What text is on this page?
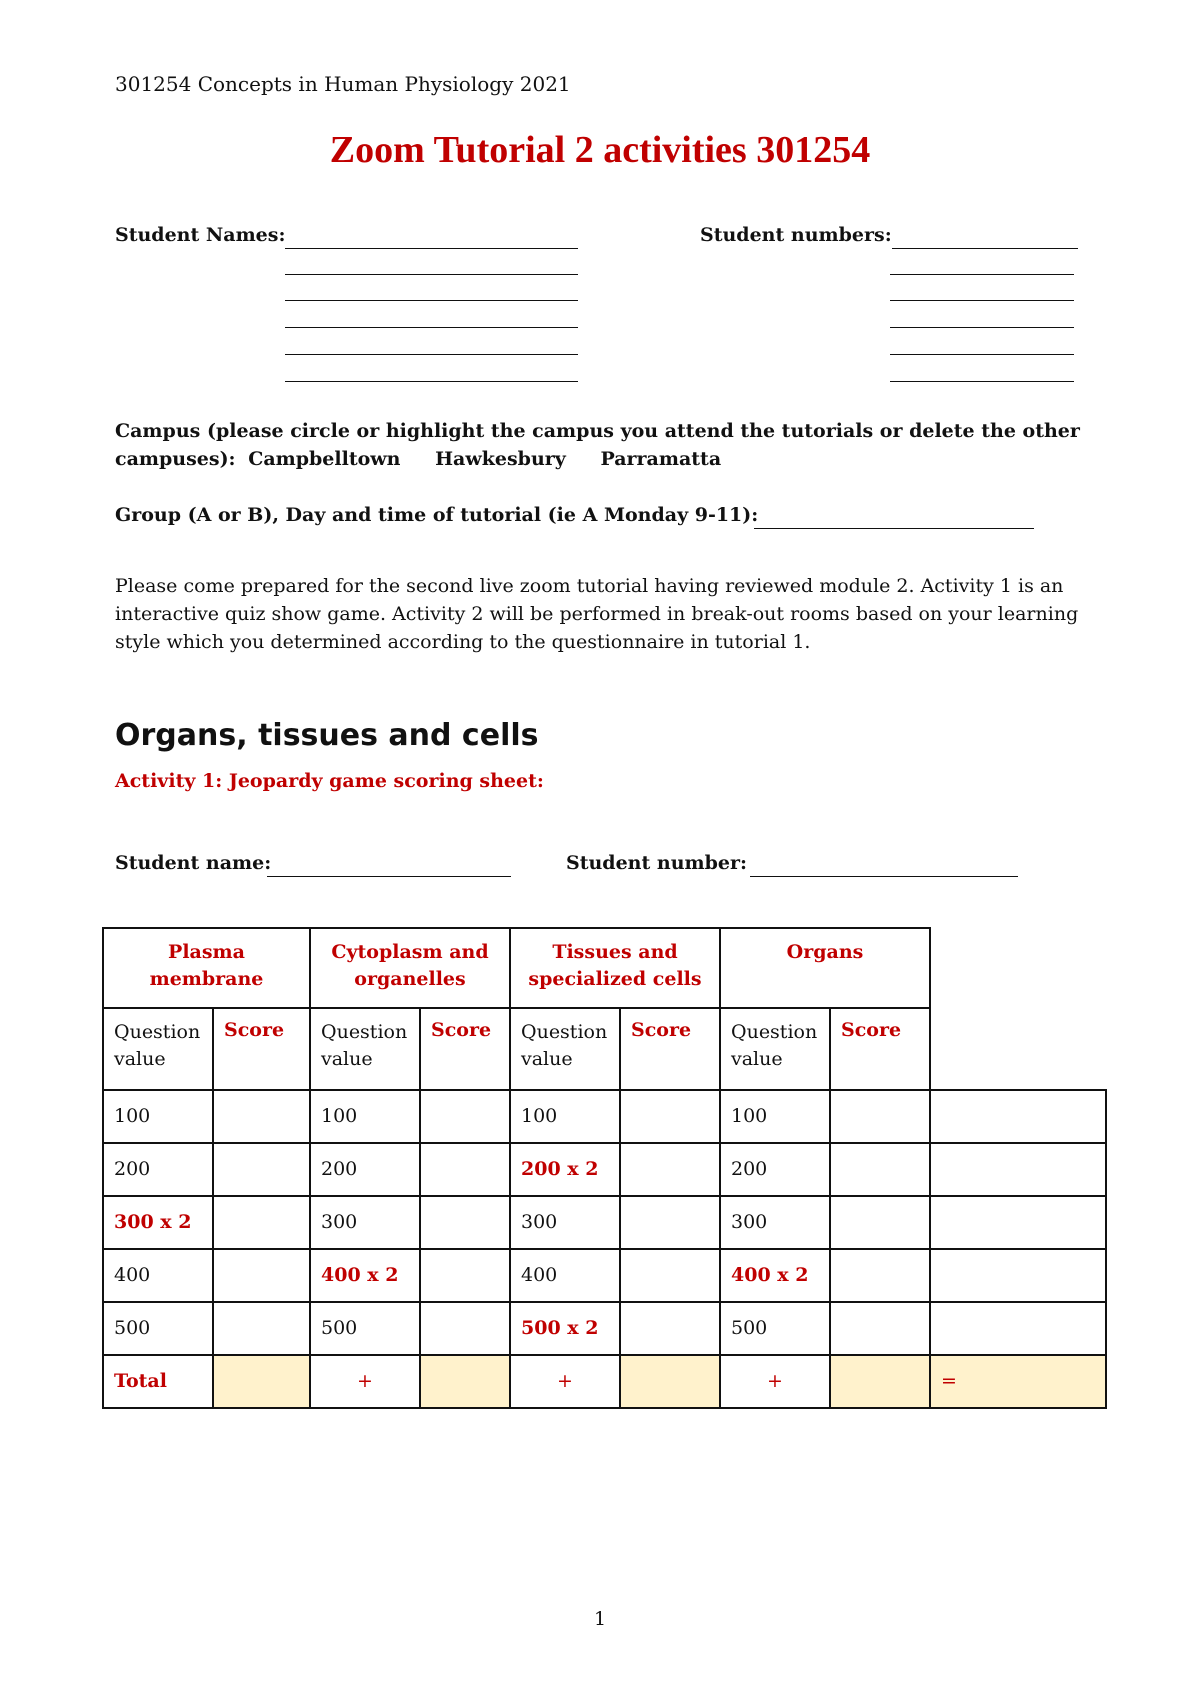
301254 Concepts in Human Physiology 2021
Zoom Tutorial 2 activities 301254
Student Names:	Student numbers:
Campus (please circle or highlight the campus you attend the tutorials or delete the other
campuses): Campbelltown Hawkesbury Parramatta
Group (A or B), Day and time of tutorial (ie A Monday 9-11):
Please come prepared for the second live zoom tutorial having reviewed module 2. Activity 1 is an
interactive quiz show game. Activity 2 will be performed in break-out rooms based on your learning
style which you determined according to the questionnaire in tutorial 1.
Organs, tissues and cells
Activity 1: Jeopardy game scoring sheet:
Student name:	Student number:
Plasma membrane		Cytoplasm and organelles		Tissues and specialized cells		Organs		
Question value	Score	Question value	Score	Question value	Score	Question value	Score	
100		100		100		100		
200		200		200 x 2		200		
300 x 2		300		300		300		
400		400 x 2		400		400 x 2		
500		500		500 x 2		500		
Total		+		+		+		=
1
